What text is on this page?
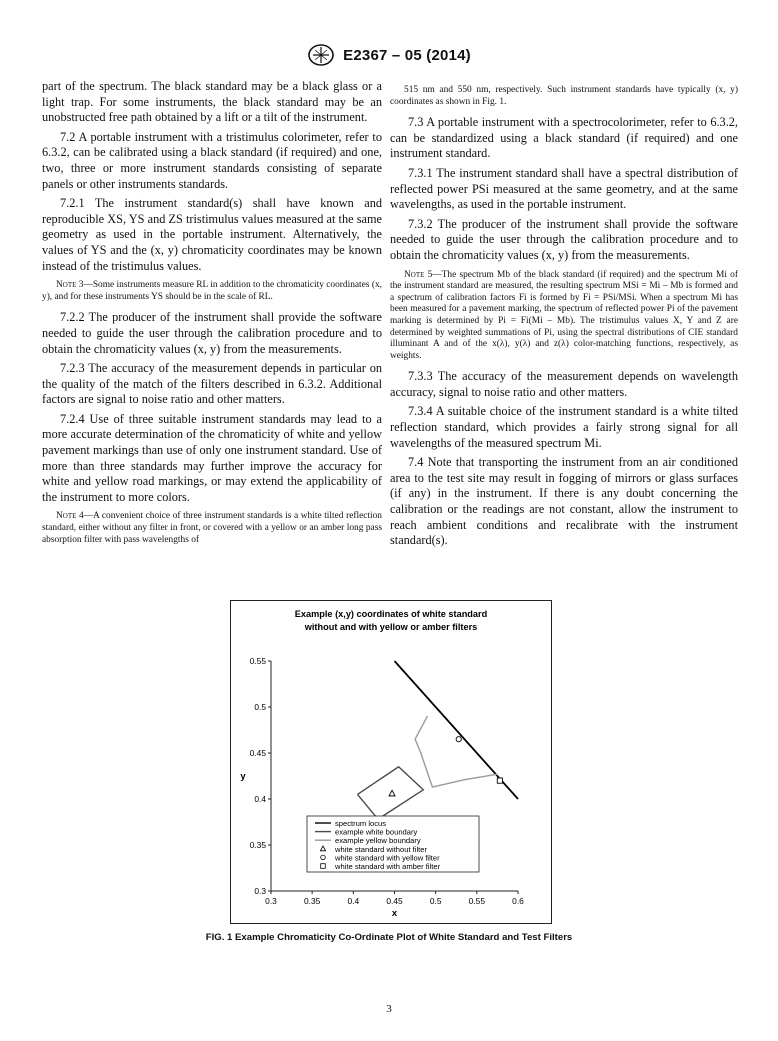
E2367 – 05 (2014)

part of the spectrum. The black standard may be a black glass or a light trap. For some instruments, the black standard may be an unobstructed free path obtained by a lift or a tilt of the instrument.

7.2 A portable instrument with a tristimulus colorimeter, refer to 6.3.2, can be calibrated using a black standard (if required) and one, two, three or more instrument standards consisting of separate panels or other instruments standards.

7.2.1 The instrument standard(s) shall have known and reproducible XS, YS and ZS tristimulus values measured at the same geometry as used in the portable instrument. Alternatively, the values of YS and the (x, y) chromaticity coordinates may be known instead of the tristimulus values.

Note 3—Some instruments measure RL in addition to the chromaticity coordinates (x, y), and for these instruments YS should be in the scale of RL.

7.2.2 The producer of the instrument shall provide the software needed to guide the user through the calibration procedure and to obtain the chromaticity values (x, y) from the measurements.

7.2.3 The accuracy of the measurement depends in particular on the quality of the match of the filters described in 6.3.2. Additional factors are signal to noise ratio and other matters.

7.2.4 Use of three suitable instrument standards may lead to a more accurate determination of the chromaticity of white and yellow pavement markings than use of only one instrument standard. Use of more than three standards may further improve the accuracy for white and yellow road markings, or may extend the applicability of the instrument to more colors.

Note 4—A convenient choice of three instrument standards is a white tilted reflection standard, either without any filter in front, or covered with a yellow or an amber long pass absorption filter with pass wavelengths of

515 nm and 550 nm, respectively. Such instrument standards have typically (x, y) coordinates as shown in Fig. 1.

7.3 A portable instrument with a spectrocolorimeter, refer to 6.3.2, can be standardized using a black standard (if required) and one instrument standard.

7.3.1 The instrument standard shall have a spectral distribution of reflected power PSi measured at the same geometry, and at the same wavelengths, as used in the portable instrument.

7.3.2 The producer of the instrument shall provide the software needed to guide the user through the calibration procedure and to obtain the chromaticity values (x, y) from the measurements.

Note 5—The spectrum Mb of the black standard (if required) and the spectrum Mi of the instrument standard are measured, the resulting spectrum MSi = Mi – Mb is formed and a spectrum of calibration factors Fi is formed by Fi = PSi/MSi. When a spectrum Mi has been measured for a pavement marking, the spectrum of reflected power Pi of the pavement marking is determined by Pi = Fi(Mi – Mb). The tristimulus values X, Y and Z are determined by weighted summations of Pi, using the spectral distributions of CIE standard illuminant A and of the x(λ), y(λ) and z(λ) color-matching functions, respectively, as weights.

7.3.3 The accuracy of the measurement depends on wavelength accuracy, signal to noise ratio and other matters.

7.3.4 A suitable choice of the instrument standard is a white tilted reflection standard, which provides a fairly strong signal for all wavelengths of the measured spectrum Mi.

7.4 Note that transporting the instrument from an air conditioned area to the test site may result in fogging of mirrors or glass surfaces (if any) in the instrument. If there is any doubt concerning the calibration or the readings are not constant, allow the instrument to reach ambient conditions and recalibrate with the instrument standard(s).

Example (x,y) coordinates of white standard
without and with yellow or amber filters
0.3	0.35	0.4	0.45	0.5	0.55	0.6
0.3
0.35
0.4
0.45
0.5
0.55
x
y
spectrum locus
example white boundary
example yellow boundary
white standard without filter
white standard with yellow filter
white standard with amber filter
FIG. 1 Example Chromaticity Co-Ordinate Plot of White Standard and Test Filters
3
